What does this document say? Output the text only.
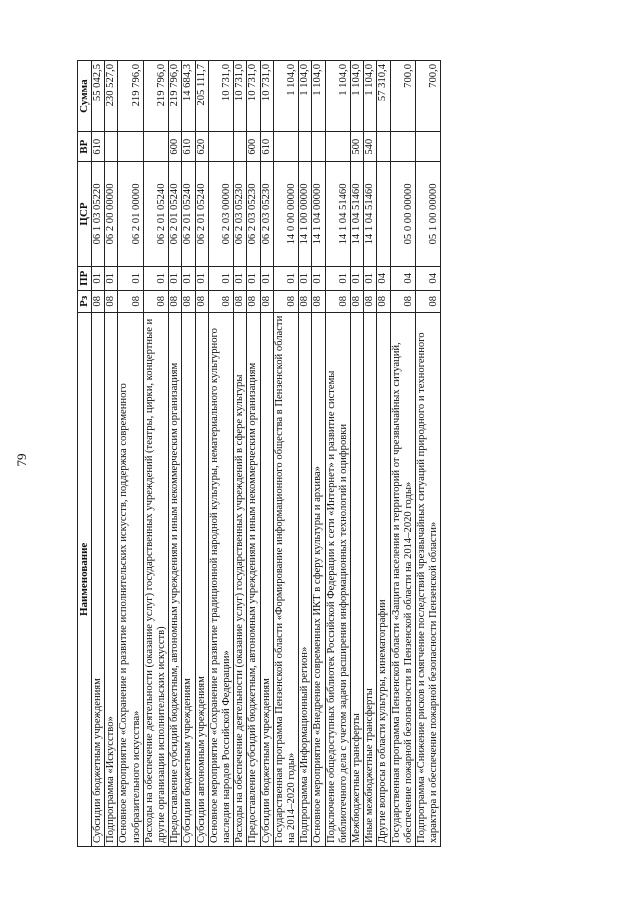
79
Наименование	Рз	ПР	ЦСР	ВР	Сумма
Субсидии бюджетным учреждениям	08	01	06 1 03 05220	610	55 042,5
Подпрограмма «Искусство»	08	01	06 2 00 00000		230 527,0
Основное мероприятие «Сохранение и развитие исполнительских искусств, поддержка современного изобразительного искусства»	08	01	06 2 01 00000		219 796,0
Расходы на обеспечение деятельности (оказание услуг) государственных учреждений (театры, цирки, концертные и другие организации исполнительских искусств)	08	01	06 2 01 05240		219 796,0
Предоставление субсидий бюджетным, автономным учреждениям и иным некоммерческим организациям	08	01	06 2 01 05240	600	219 796,0
Субсидии бюджетным учреждениям	08	01	06 2 01 05240	610	14 684,3
Субсидии автономным учреждениям	08	01	06 2 01 05240	620	205 111,7
Основное мероприятие «Сохранение и развитие традиционной народной культуры, нематериального культурного наследия народов Российской Федерации»	08	01	06 2 03 00000		10 731,0
Расходы на обеспечение деятельности (оказание услуг) государственных учреждений в сфере культуры	08	01	06 2 03 05230		10 731,0
Предоставление субсидий бюджетным, автономным учреждениям и иным некоммерческим организациям	08	01	06 2 03 05230	600	10 731,0
Субсидии бюджетным учреждениям	08	01	06 2 03 05230	610	10 731,0
Государственная программа Пензенской области «Формирование информационного общества в Пензенской области на 2014–2020 годы»	08	01	14 0 00 00000		1 104,0
Подпрограмма «Информационный регион»	08	01	14 1 00 00000		1 104,0
Основное мероприятие «Внедрение современных ИКТ в сферу культуры и архива»	08	01	14 1 04 00000		1 104,0
Подключение общедоступных библиотек Российской Федерации к сети «Интернет» и развитие системы библиотечного дела с учетом задачи расширения информационных технологий и оцифровки	08	01	14 1 04 51460		1 104,0
Межбюджетные трансферты	08	01	14 1 04 51460	500	1 104,0
Иные межбюджетные трансферты	08	01	14 1 04 51460	540	1 104,0
Другие вопросы в области культуры, кинематографии	08	04			57 310,4
Государственная программа Пензенской области «Защита населения и территорий от чрезвычайных ситуаций, обеспечение пожарной безопасности в Пензенской области на 2014–2020 годы»	08	04	05 0 00 00000		700,0
Подпрограмма «Снижение рисков и смягчение последствий чрезвычайных ситуаций природного и техногенного характера и обеспечение пожарной безопасности Пензенской области»	08	04	05 1 00 00000		700,0
